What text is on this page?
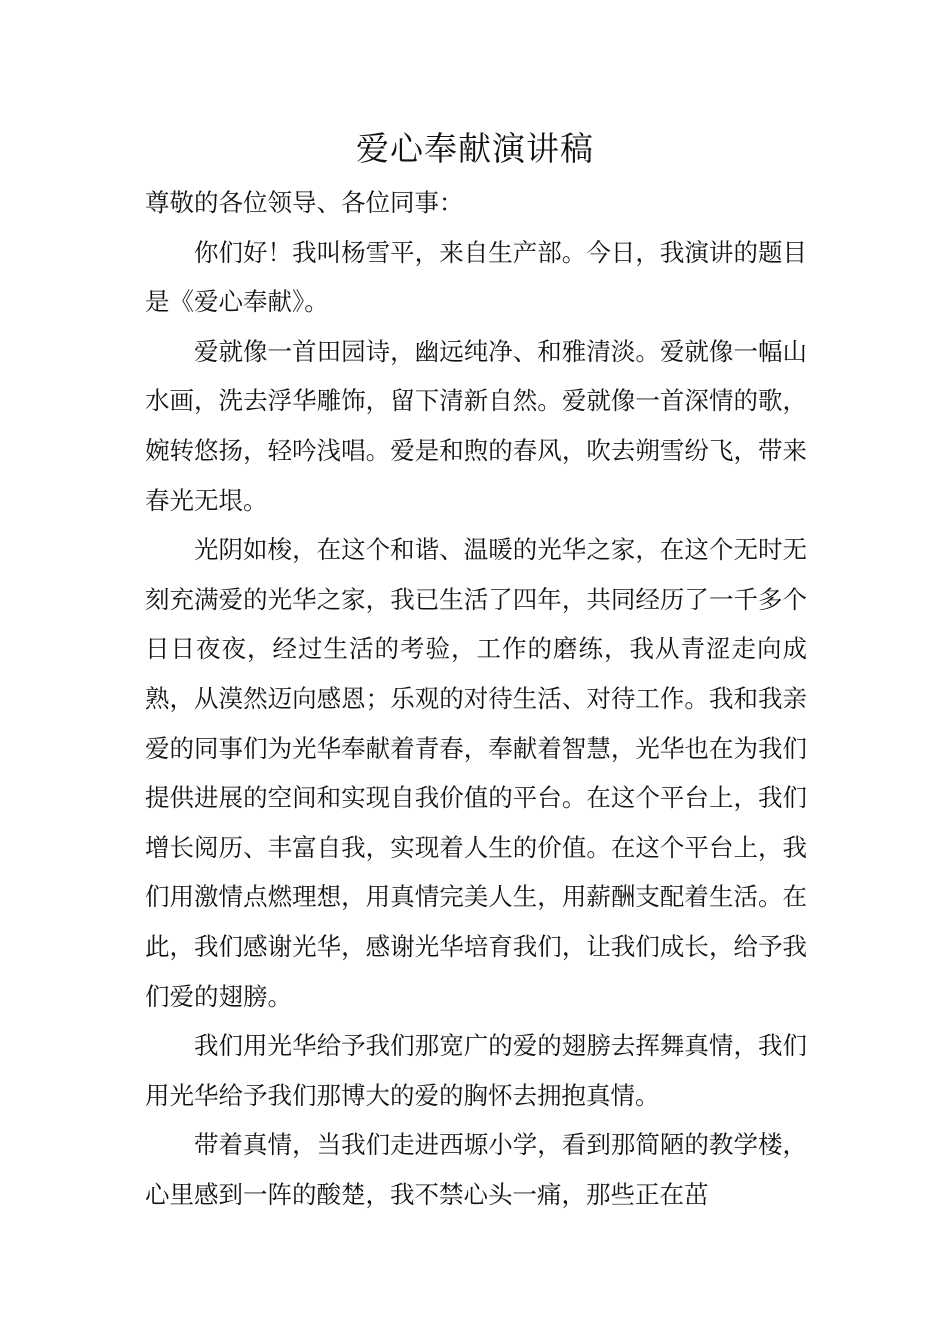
爱心奉献演讲稿

尊敬的各位领导、各位同事：

你们好！我叫杨雪平，来自生产部。今日，我演讲的题目是《爱心奉献》。

爱就像一首田园诗，幽远纯净、和雅清淡。爱就像一幅山水画，洗去浮华雕饰，留下清新自然。爱就像一首深情的歌，婉转悠扬，轻吟浅唱。爱是和煦的春风，吹去朔雪纷飞，带来春光无垠。

光阴如梭，在这个和谐、温暖的光华之家，在这个无时无刻充满爱的光华之家，我已生活了四年，共同经历了一千多个日日夜夜，经过生活的考验，工作的磨练，我从青涩走向成熟，从漠然迈向感恩；乐观的对待生活、对待工作。我和我亲爱的同事们为光华奉献着青春，奉献着智慧，光华也在为我们提供进展的空间和实现自我价值的平台。在这个平台上，我们增长阅历、丰富自我，实现着人生的价值。在这个平台上，我们用激情点燃理想，用真情完美人生，用薪酬支配着生活。在此，我们感谢光华，感谢光华培育我们，让我们成长，给予我们爱的翅膀。

我们用光华给予我们那宽广的爱的翅膀去挥舞真情，我们用光华给予我们那博大的爱的胸怀去拥抱真情。

带着真情，当我们走进西塬小学，看到那简陋的教学楼，心里感到一阵的酸楚，我不禁心头一痛，那些正在茁
